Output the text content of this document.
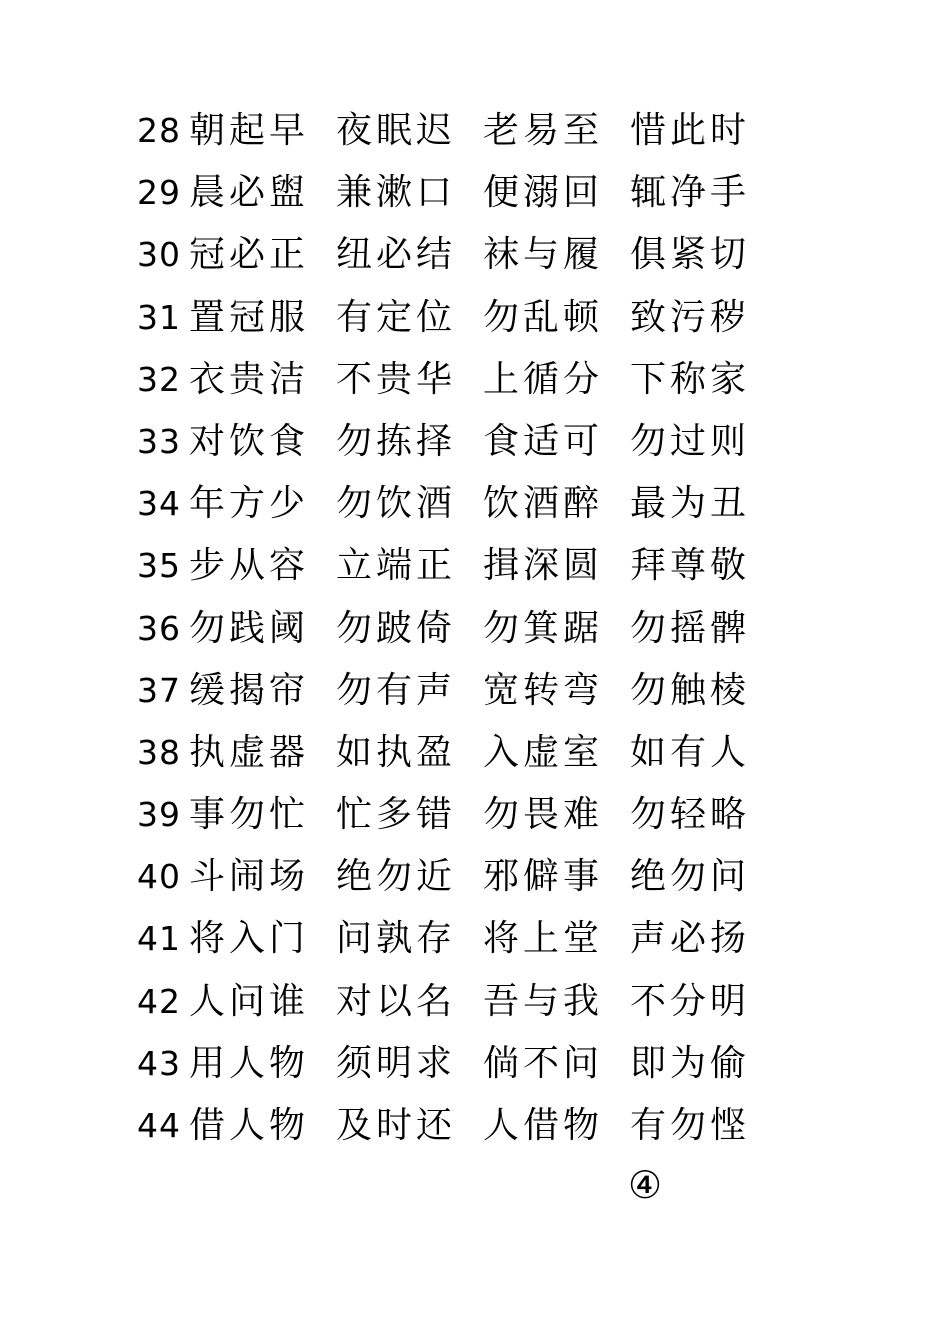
28 朝起早 夜眠迟 老易至 惜此时
29 晨必盥 兼漱口 便溺回 辄净手
30 冠必正 纽必结 袜与履 俱紧切
31 置冠服 有定位 勿乱顿 致污秽
32 衣贵洁 不贵华 上循分 下称家
33 对饮食 勿拣择 食适可 勿过则
34 年方少 勿饮酒 饮酒醉 最为丑
35 步从容 立端正 揖深圆 拜尊敬
36 勿践阈 勿跛倚 勿箕踞 勿摇髀
37 缓揭帘 勿有声 宽转弯 勿触棱
38 执虚器 如执盈 入虚室 如有人
39 事勿忙 忙多错 勿畏难 勿轻略
40 斗闹场 绝勿近 邪僻事 绝勿问
41 将入门 问孰存 将上堂 声必扬
42 人问谁 对以名 吾与我 不分明
43 用人物 须明求 倘不问 即为偷
44 借人物 及时还 人借物 有勿悭
④
